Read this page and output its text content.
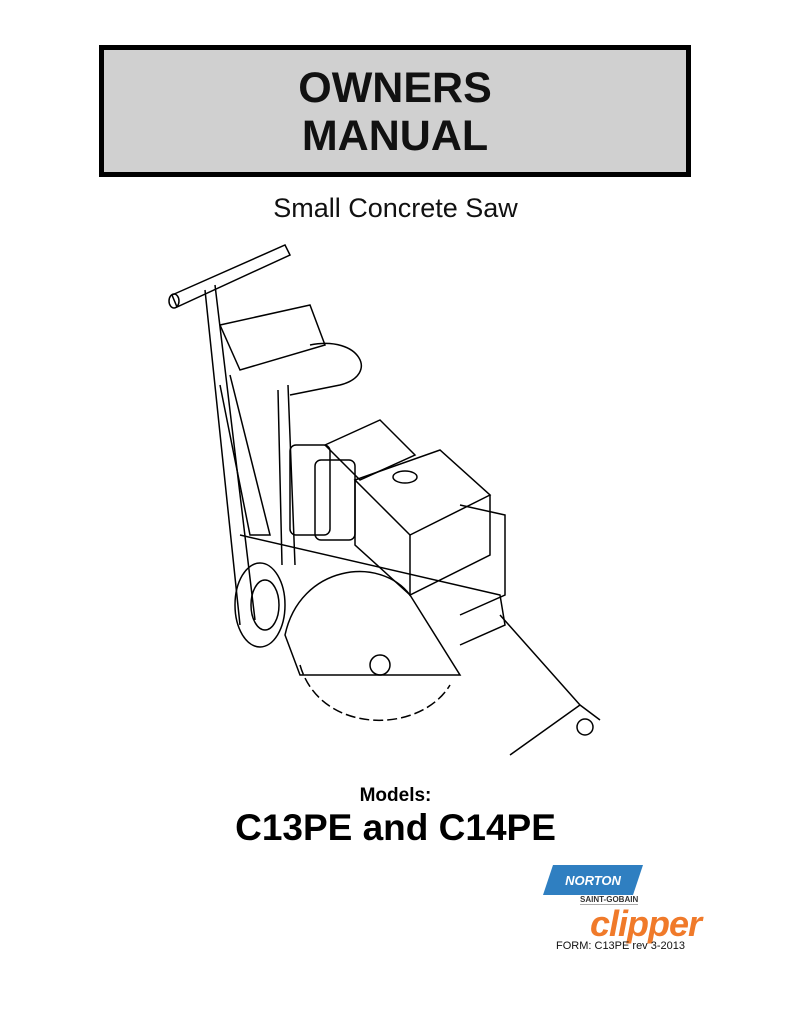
OWNERS
MANUAL
Small Concrete Saw
Models:
C13PE and C14PE
NORTON
SAINT-GOBAIN
clipper
FORM: C13PE rev 3-2013
